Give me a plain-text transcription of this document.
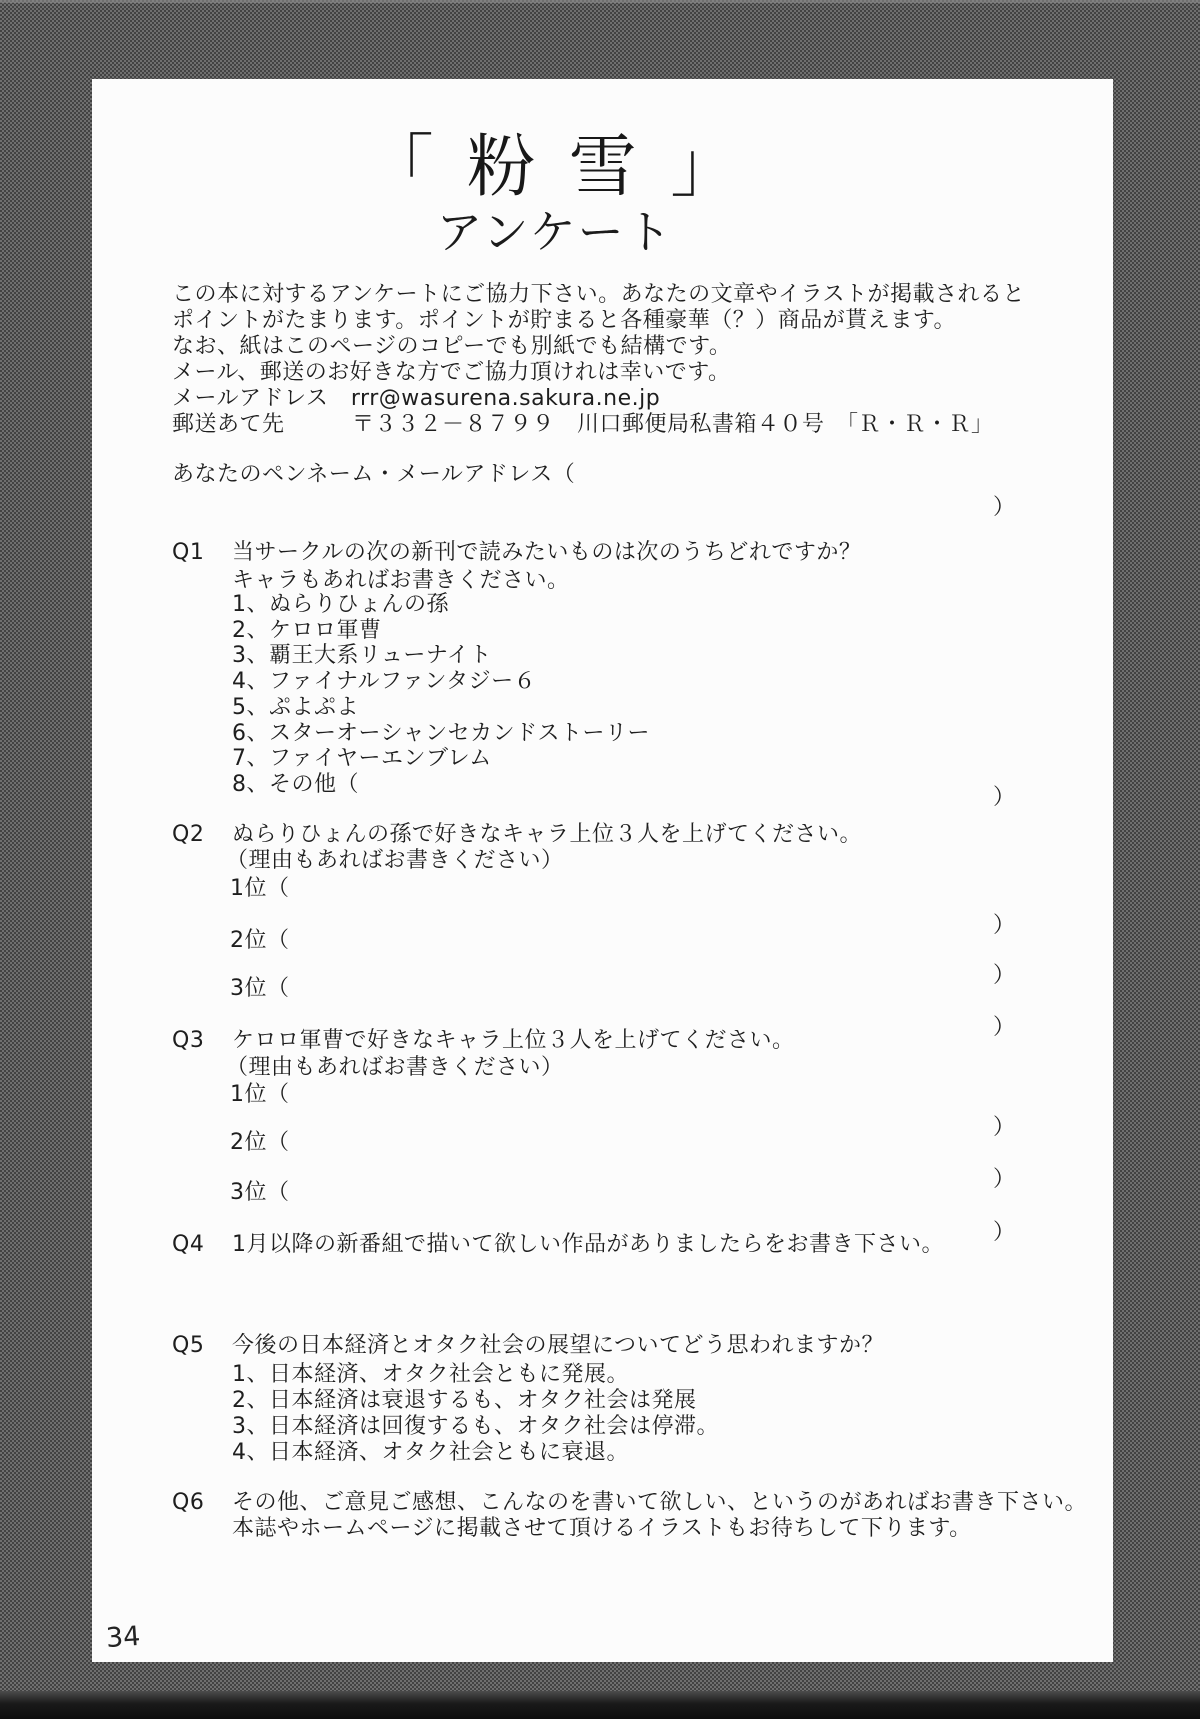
「 粉 雪 」
アンケート
この本に対するアンケートにご協力下さい。あなたの文章やイラストが掲載されると
ポイントがたまります。ポイントが貯まると各種豪華（？）商品が貰えます。
なお、紙はこのページのコピーでも別紙でも結構です。
メール、郵送のお好きな方でご協力頂けれは幸いです。
メールアドレス　rrr@wasurena.sakura.ne.jp
郵送あて先　　　〒３３２－８７９９　川口郵便局私書箱４０号　「Ｒ・Ｒ・Ｒ」
あなたのペンネーム・メールアドレス（
）
Q1 当サークルの次の新刊で読みたいものは次のうちどれですか？
キャラもあればお書きください。
1、ぬらりひょんの孫
2、ケロロ軍曹
3、覇王大系リューナイト
4、ファイナルファンタジー６
5、ぷよぷよ
6、スターオーシャンセカンドストーリー
7、ファイヤーエンブレム
8、その他（
）
Q2 ぬらりひょんの孫で好きなキャラ上位３人を上げてください。
（理由もあればお書きください）
1位（
）
2位（
）
3位（
）
Q3 ケロロ軍曹で好きなキャラ上位３人を上げてください。
（理由もあればお書きください）
1位（
）
2位（
）
3位（
）
Q4 1月以降の新番組で描いて欲しい作品がありましたらをお書き下さい。
Q5 今後の日本経済とオタク社会の展望についてどう思われますか？
1、日本経済、オタク社会ともに発展。
2、日本経済は衰退するも、オタク社会は発展
3、日本経済は回復するも、オタク社会は停滞。
4、日本経済、オタク社会ともに衰退。
Q6 その他、ご意見ご感想、こんなのを書いて欲しい、というのがあればお書き下さい。
本誌やホームページに掲載させて頂けるイラストもお待ちして下ります。
34
